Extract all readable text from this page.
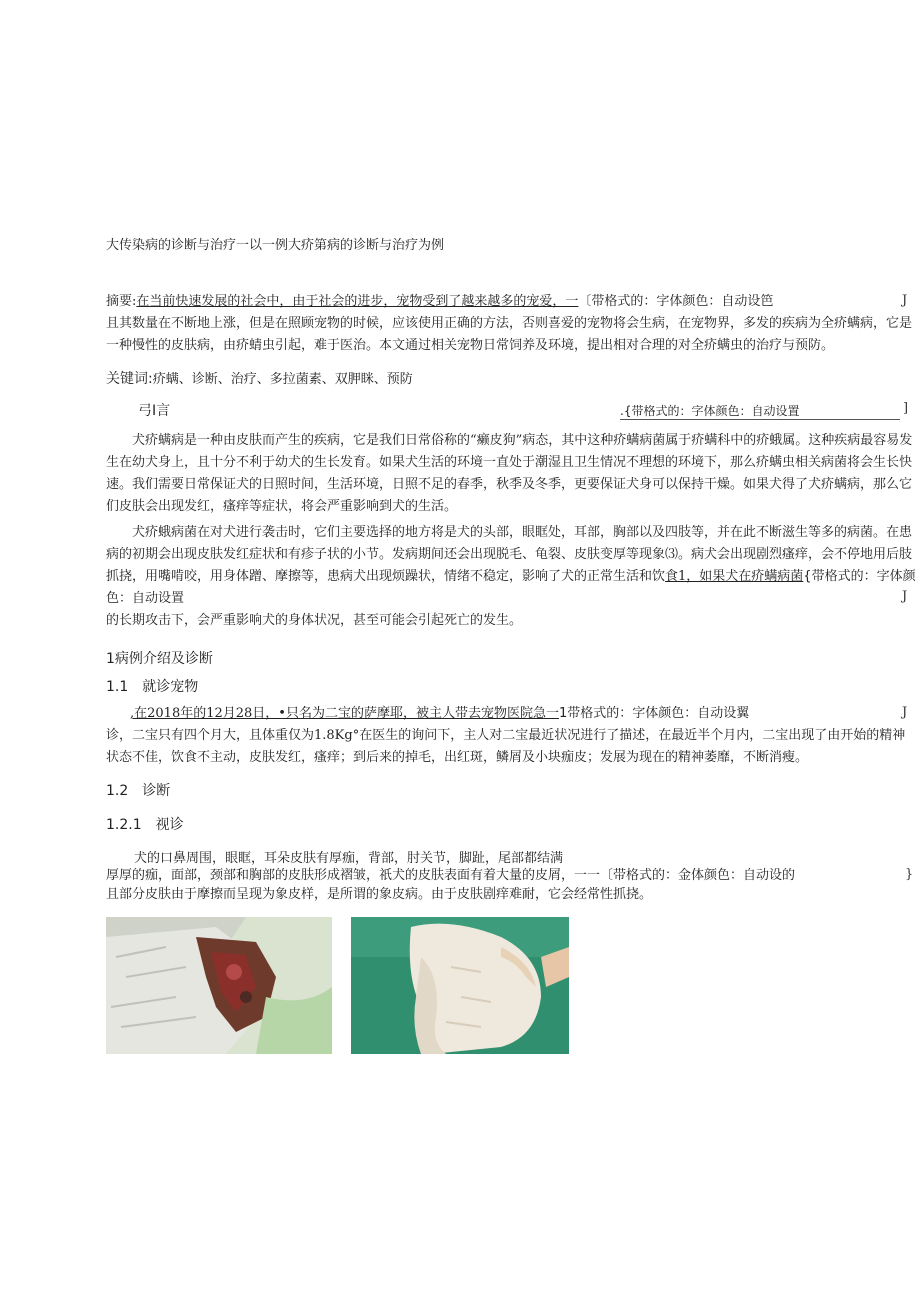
大传染病的诊断与治疗一以一例大疥第病的诊断与治疗为例
摘要:在当前快速发展的社会中，由于社会的进步，宠物受到了越来越多的宠爱，一〔带格式的：字体颜色：自动设笆	J
且其数量在不断地上涨，但是在照顾宠物的时候，应该使用正确的方法，否则喜爱的宠物将会生病，在宠物界，多发的疾病为全疥螨病，它是一种慢性的皮肤病，由疥蜻虫引起，难于医治。本文通过相关宠物日常饲养及环境，提出相对合理的对全疥螨虫的治疗与预防。
关键词:疥螨、诊断、治疗、多拉菌素、双胛眯、预防
弓I言	.{带格式的：字体颜色：自动设置	]
犬疥螨病是一种由皮肤而产生的疾病，它是我们日常俗称的“癞皮狗”病态，其中这种疥螨病菌属于疥螨科中的疥蛾属。这种疾病最容易发生在幼犬身上，且十分不利于幼犬的生长发育。如果犬生活的环境一直处于潮湿且卫生情况不理想的环境下，那么疥螨虫相关病菌将会生长快速。我们需要日常保证犬的日照时间，生活环境，日照不足的春季，秋季及冬季，更要保证犬身可以保持干燥。如果犬得了犬疥螨病，那么它们皮肤会出现发红，瘙痒等症状，将会严重影响到犬的生活。
犬疥蛾病菌在对犬进行袭击时，它们主要选择的地方将是犬的头部，眼眶处，耳部，胸部以及四肢等，并在此不断滋生等多的病菌。在患病的初期会出现皮肤发红症状和有疹子状的小节。发病期间还会出现脱毛、龟裂、皮肤变厚等现象⑶。病犬会出现剧烈瘙痒，会不停地用后肢抓挠，用嘴啃咬，用身体蹭、摩擦等，患病犬出现烦躁状，情绪不稳定，影响了犬的正常生活和饮食1，如果犬在疥螨病菌{带格式的：字体颜色：自动设置	J
的长期攻击下，会严重影响犬的身体状况，甚至可能会引起死亡的发生。
1病例介绍及诊断
1.1　就诊宠物
,在2018年的12月28日，•只名为二宝的萨摩耶，被主人带去宠物医院急一1带格式的：字体颜色：自动设翼	J
诊，二宝只有四个月大，且体重仅为1.8Kg°在医生的询问下，主人对二宝最近状况进行了描述，在最近半个月内，二宝出现了由开始的精神状态不佳，饮食不主动，皮肤发红，瘙痒；到后来的掉毛，出红斑，鳞屑及小块痂皮；发展为现在的精神萎靡，不断消瘦。
1.2　诊断
1.2.1　视诊
犬的口鼻周围，眼眶，耳朵皮肤有厚痂，背部，肘关节，脚趾，尾部都结满
厚厚的痂，面部，颈部和胸部的皮肤形成褶皱，祇犬的皮肤表面有着大量的皮屑，一一〔带格式的：金体颜色：自动设的	}
且部分皮肤由于摩擦而呈现为象皮样，是所谓的象皮病。由于皮肤剧痒难耐，它会经常性抓挠。
